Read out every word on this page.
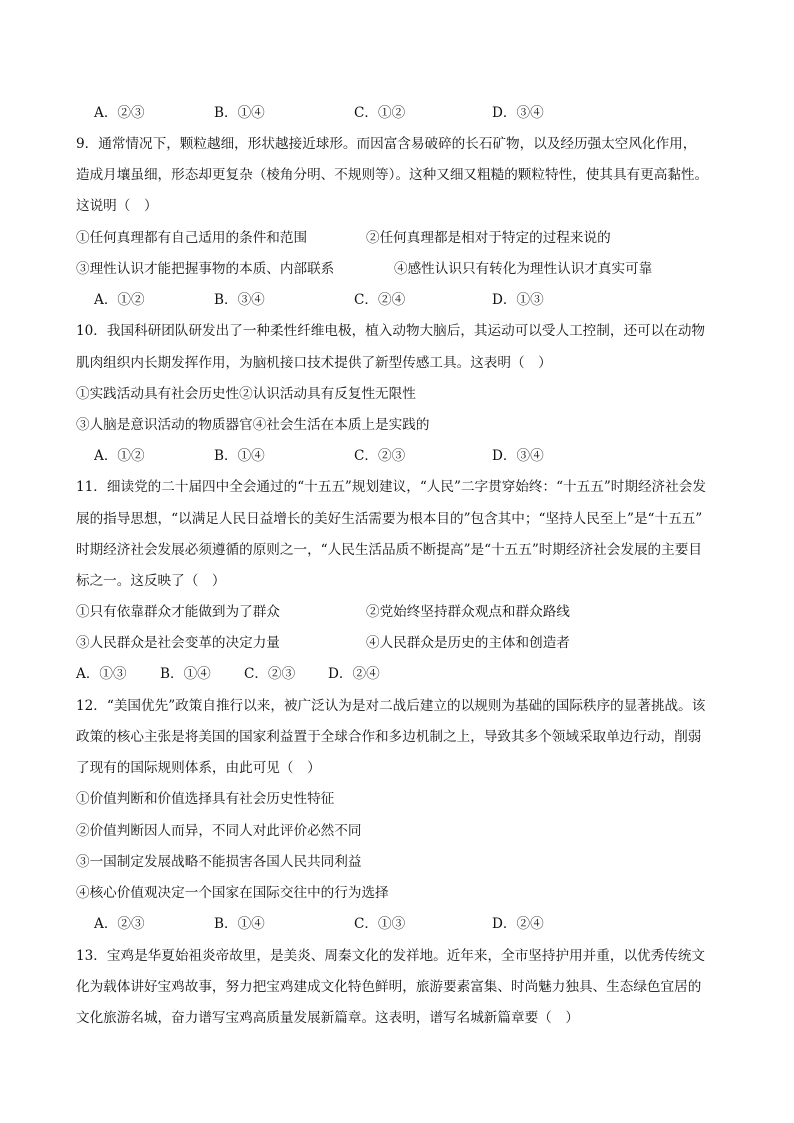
A．②③	B．①④	C．①②	D．③④
9．通常情况下，颗粒越细，形状越接近球形。而因富含易破碎的长石矿物，以及经历强太空风化作用，
造成月壤虽细，形态却更复杂（棱角分明、不规则等）。这种又细又粗糙的颗粒特性，使其具有更高黏性。
这说明（　）
①任何真理都有自己适用的条件和范围	②任何真理都是相对于特定的过程来说的
③理性认识才能把握事物的本质、内部联系	④感性认识只有转化为理性认识才真实可靠
A．①②	B．③④	C．②④	D．①③
10．我国科研团队研发出了一种柔性纤维电极，植入动物大脑后，其运动可以受人工控制，还可以在动物
肌肉组织内长期发挥作用，为脑机接口技术提供了新型传感工具。这表明（　）
①实践活动具有社会历史性②认识活动具有反复性无限性
③人脑是意识活动的物质器官④社会生活在本质上是实践的
A．①②	B．①④	C．②③	D．③④
11．细读党的二十届四中全会通过的“十五五”规划建议，“人民”二字贯穿始终：“十五五”时期经济社会发
展的指导思想，“以满足人民日益增长的美好生活需要为根本目的”包含其中；“坚持人民至上”是“十五五”
时期经济社会发展必须遵循的原则之一，“人民生活品质不断提高”是“十五五”时期经济社会发展的主要目
标之一。这反映了（　）
①只有依靠群众才能做到为了群众	②党始终坚持群众观点和群众路线
③人民群众是社会变革的决定力量	④人民群众是历史的主体和创造者
A．①③ B．①④ C．②③ D．②④
12．“美国优先”政策自推行以来，被广泛认为是对二战后建立的以规则为基础的国际秩序的显著挑战。该
政策的核心主张是将美国的国家利益置于全球合作和多边机制之上，导致其多个领域采取单边行动，削弱
了现有的国际规则体系，由此可见（　）
①价值判断和价值选择具有社会历史性特征
②价值判断因人而异，不同人对此评价必然不同
③一国制定发展战略不能损害各国人民共同利益
④核心价值观决定一个国家在国际交往中的行为选择
A．②③	B．①④	C．①③	D．②④
13．宝鸡是华夏始祖炎帝故里，是美炎、周秦文化的发祥地。近年来，全市坚持护用并重，以优秀传统文
化为载体讲好宝鸡故事，努力把宝鸡建成文化特色鲜明，旅游要素富集、时尚魅力独具、生态绿色宜居的
文化旅游名城，奋力谱写宝鸡高质量发展新篇章。这表明，谱写名城新篇章要（　）
